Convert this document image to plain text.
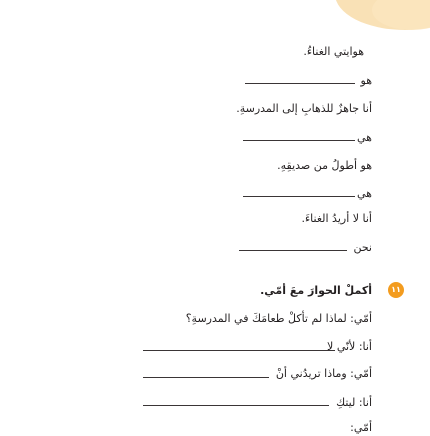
هوايتي الغناءُ.
هو
أنا جاهزٌ للذهابِ إلى المدرسةِ.
هي
هو أطولُ من صديقِهِ.
هي
أنا لا أريدُ الغناءَ.
نحن
١١
أكملْ الحوارَ معَ أمّي.
أمّي: لماذا لم تأكلْ طعامَكَ في المدرسةِ؟
أنا: لأنّي لا
أمّي: وماذا تريدُني أنْ
أنا: ليتكِ
أمّي:
